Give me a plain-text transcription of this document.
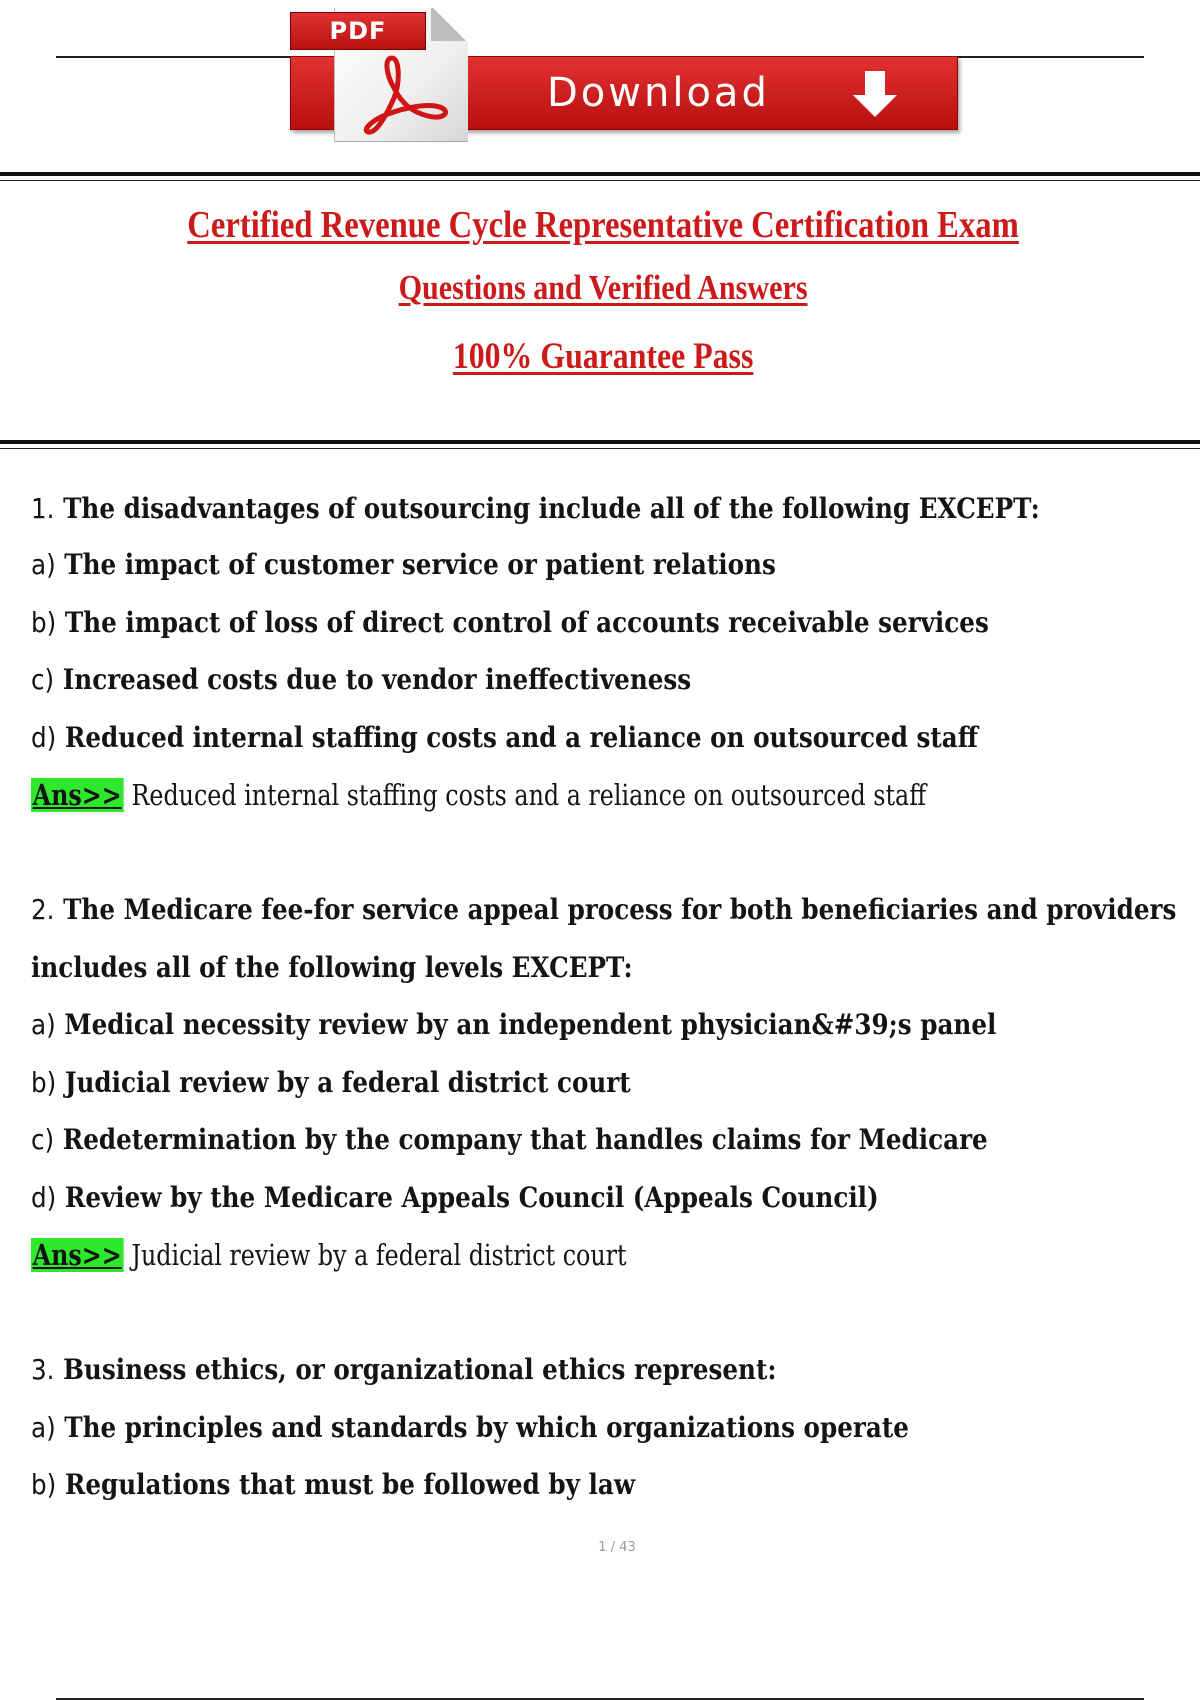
Download
PDF
Certified Revenue Cycle Representative Certification Exam
Questions and Verified Answers
100% Guarantee Pass
1. The disadvantages of outsourcing include all of the following EXCEPT:
a) The impact of customer service or patient relations
b) The impact of loss of direct control of accounts receivable services
c) Increased costs due to vendor ineffectiveness
d) Reduced internal staffing costs and a reliance on outsourced staff
Ans>> Reduced internal staffing costs and a reliance on outsourced staff
2. The Medicare fee-for service appeal process for both beneficiaries and providers
includes all of the following levels EXCEPT:
a) Medical necessity review by an independent physician&#39;s panel
b) Judicial review by a federal district court
c) Redetermination by the company that handles claims for Medicare
d) Review by the Medicare Appeals Council (Appeals Council)
Ans>> Judicial review by a federal district court
3. Business ethics, or organizational ethics represent:
a) The principles and standards by which organizations operate
b) Regulations that must be followed by law
1 / 43
